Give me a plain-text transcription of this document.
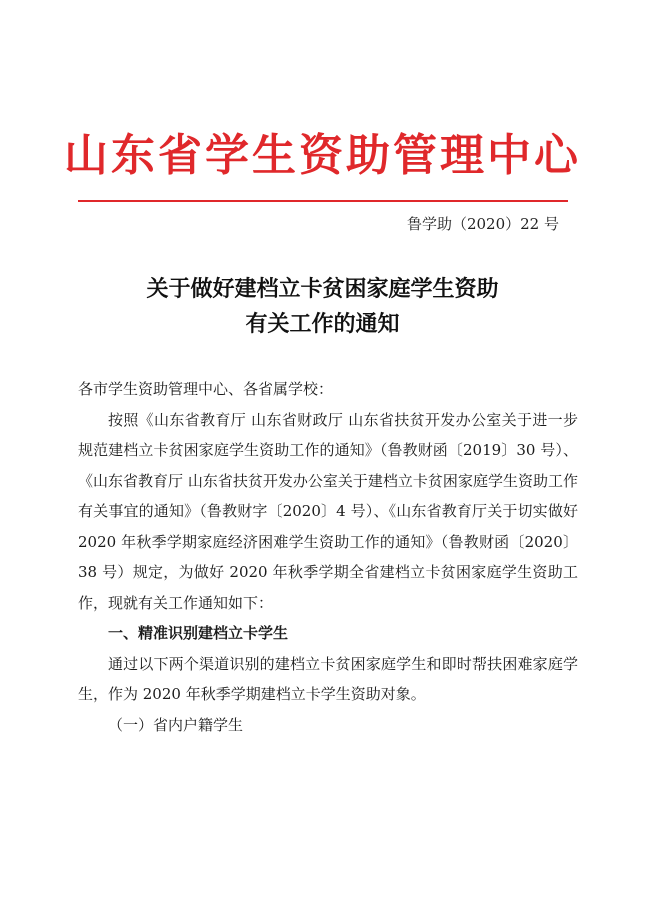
山东省学生资助管理中心
鲁学助（2020）22 号
关于做好建档立卡贫困家庭学生资助
有关工作的通知

各市学生资助管理中心、各省属学校：

按照《山东省教育厅 山东省财政厅 山东省扶贫开发办公室关于进一步规范建档立卡贫困家庭学生资助工作的通知》（鲁教财函〔2019〕30 号）、《山东省教育厅 山东省扶贫开发办公室关于建档立卡贫困家庭学生资助工作有关事宜的通知》（鲁教财字〔2020〕4 号）、《山东省教育厅关于切实做好 2020 年秋季学期家庭经济困难学生资助工作的通知》（鲁教财函〔2020〕38 号）规定，为做好 2020 年秋季学期全省建档立卡贫困家庭学生资助工作，现就有关工作通知如下：

一、精准识别建档立卡学生

通过以下两个渠道识别的建档立卡贫困家庭学生和即时帮扶困难家庭学生，作为 2020 年秋季学期建档立卡学生资助对象。

（一）省内户籍学生
